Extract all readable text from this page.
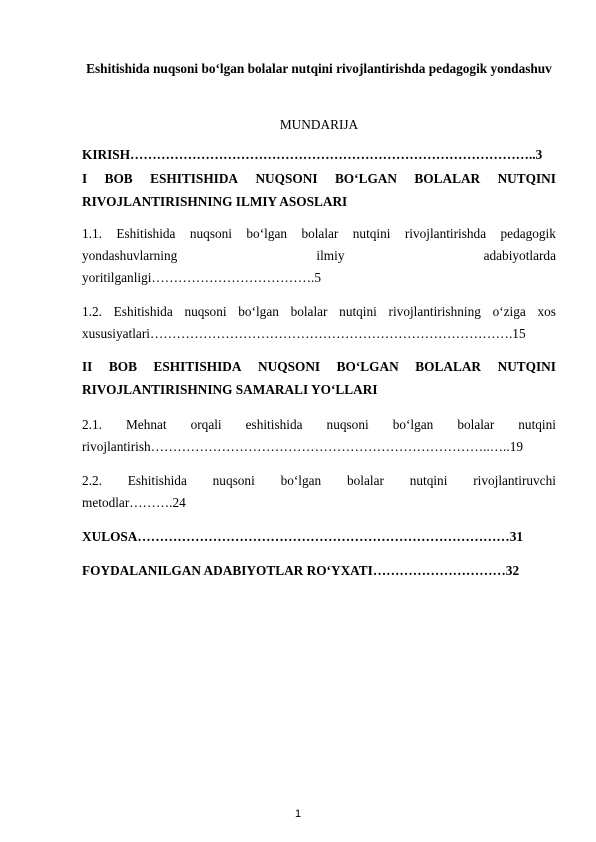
Eshitishida nuqsoni bo‘lgan bolalar nutqini rivojlantirishda pedagogik yondashuv
MUNDARIJA
KIRISH………………………………………………………………………………..3
I BOB ESHITISHIDA NUQSONI BO‘LGAN BOLALAR NUTQINI
RIVOJLANTIRISHNING ILMIY ASOSLARI
1.1. Eshitishida nuqsoni bo‘lgan bolalar nutqini rivojlantirishda pedagogik
yondashuvlarning	ilmiy	adabiyotlarda
yoritilganligi……………………………….5
1.2. Eshitishida nuqsoni bo‘lgan bolalar nutqini rivojlantirishning o‘ziga xos
xususiyatlari……………………………………………………………………….15
II BOB ESHITISHIDA NUQSONI BO‘LGAN BOLALAR NUTQINI
RIVOJLANTIRISHNING SAMARALI YO‘LLARI
2.1. Mehnat orqali eshitishida nuqsoni bo‘lgan bolalar nutqini
rivojlantirish…………………………………………………………………..…..19
2.2. Eshitishida nuqsoni bo‘lgan bolalar nutqini rivojlantiruvchi
metodlar……….24
XULOSA…………………………………………………………………………31
FOYDALANILGAN ADABIYOTLAR RO‘YXATI…………………………32
1
